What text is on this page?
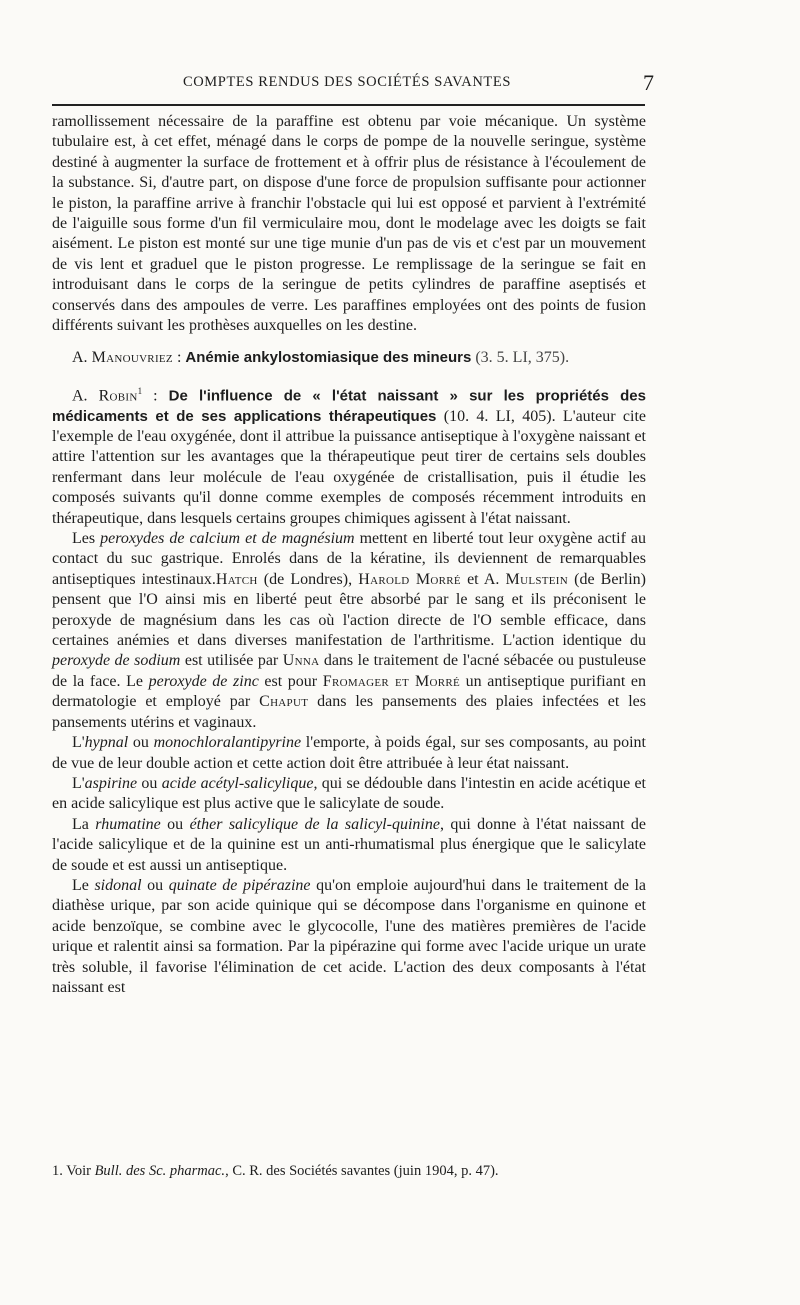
COMPTES RENDUS DES SOCIÉTÉS SAVANTES	7

ramollissement nécessaire de la paraffine est obtenu par voie mécanique. Un système tubulaire est, à cet effet, ménagé dans le corps de pompe de la nouvelle seringue, système destiné à augmenter la surface de frottement et à offrir plus de résistance à l'écoulement de la substance. Si, d'autre part, on dispose d'une force de propulsion suffisante pour actionner le piston, la paraffine arrive à franchir l'obstacle qui lui est opposé et parvient à l'extrémité de l'aiguille sous forme d'un fil vermiculaire mou, dont le modelage avec les doigts se fait aisément. Le piston est monté sur une tige munie d'un pas de vis et c'est par un mouvement de vis lent et graduel que le piston progresse. Le remplissage de la seringue se fait en introduisant dans le corps de la seringue de petits cylindres de paraffine aseptisés et conservés dans des ampoules de verre. Les paraffines employées ont des points de fusion différents suivant les prothèses auxquelles on les destine.

A. Manouvriez : Anémie ankylostomiasique des mineurs (3. 5. LI, 375).

A. Robin$^1$ : De l'influence de « l'état naissant » sur les propriétés des médicaments et de ses applications thérapeutiques (10. 4. LI, 405). L'auteur cite l'exemple de l'eau oxygénée, dont il attribue la puissance antiseptique à l'oxygène naissant et attire l'attention sur les avantages que la thérapeutique peut tirer de certains sels doubles renfermant dans leur molécule de l'eau oxygénée de cristallisation, puis il étudie les composés suivants qu'il donne comme exemples de composés récemment introduits en thérapeutique, dans lesquels certains groupes chimiques agissent à l'état naissant.

Les peroxydes de calcium et de magnésium mettent en liberté tout leur oxygène actif au contact du suc gastrique. Enrolés dans de la kératine, ils deviennent de remarquables antiseptiques intestinaux.Hatch (de Londres), Harold Morré et A. Mulstein (de Berlin) pensent que l'O ainsi mis en liberté peut être absorbé par le sang et ils préconisent le peroxyde de magnésium dans les cas où l'action directe de l'O semble efficace, dans certaines anémies et dans diverses manifestation de l'arthritisme. L'action identique du peroxyde de sodium est utilisée par Unna dans le traitement de l'acné sébacée ou pustuleuse de la face. Le peroxyde de zinc est pour Fromager et Morré un antiseptique purifiant en dermatologie et employé par Chaput dans les pansements des plaies infectées et les pansements utérins et vaginaux.

L'hypnal ou monochloralantipyrine l'emporte, à poids égal, sur ses composants, au point de vue de leur double action et cette action doit être attribuée à leur état naissant.

L'aspirine ou acide acétyl-salicylique, qui se dédouble dans l'intestin en acide acétique et en acide salicylique est plus active que le salicylate de soude.

La rhumatine ou éther salicylique de la salicyl-quinine, qui donne à l'état naissant de l'acide salicylique et de la quinine est un anti-rhumatismal plus énergique que le salicylate de soude et est aussi un antiseptique.

Le sidonal ou quinate de pipérazine qu'on emploie aujourd'hui dans le traitement de la diathèse urique, par son acide quinique qui se décompose dans l'organisme en quinone et acide benzoïque, se combine avec le glycocolle, l'une des matières premières de l'acide urique et ralentit ainsi sa formation. Par la pipérazine qui forme avec l'acide urique un urate très soluble, il favorise l'élimination de cet acide. L'action des deux composants à l'état naissant est

1. Voir Bull. des Sc. pharmac., C. R. des Sociétés savantes (juin 1904, p. 47).
